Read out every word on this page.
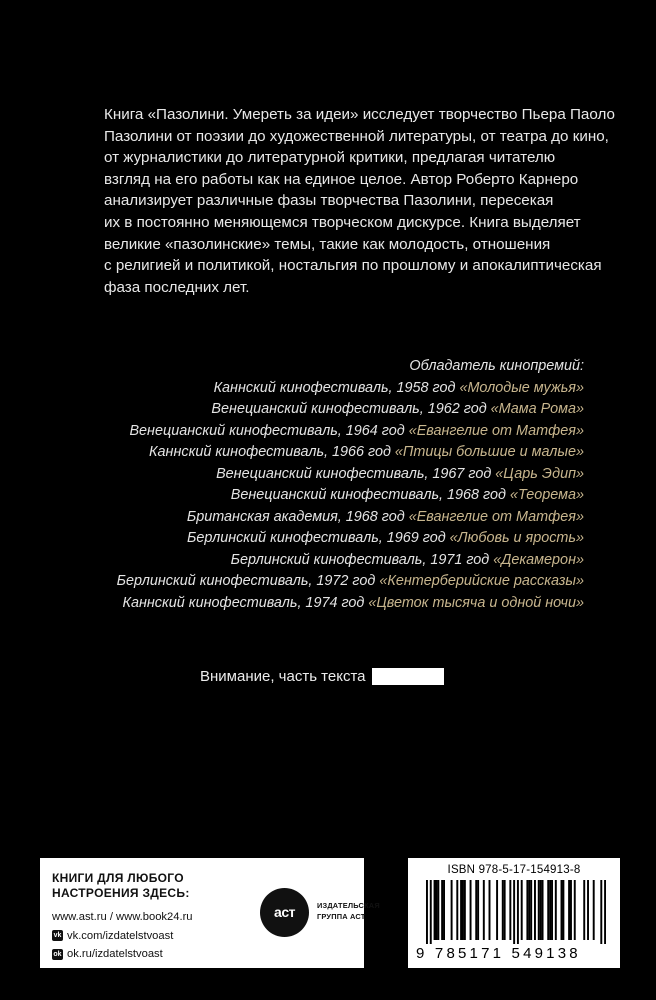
Книга «Пазолини. Умереть за идеи» исследует творчество Пьера Паоло
Пазолини от поэзии до художественной литературы, от театра до кино,
от журналистики до литературной критики, предлагая читателю
взгляд на его работы как на единое целое. Автор Роберто Карнеро
анализирует различные фазы творчества Пазолини, пересекая
их в постоянно меняющемся творческом дискурсе. Книга выделяет
великие «пазолинские» темы, такие как молодость, отношения
с религией и политикой, ностальгия по прошлому и апокалиптическая
фаза последних лет.
Обладатель кинопремий:
Каннский кинофестиваль, 1958 год «Молодые мужья»
Венецианский кинофестиваль, 1962 год «Мама Рома»
Венецианский кинофестиваль, 1964 год «Евангелие от Матфея»
Каннский кинофестиваль, 1966 год «Птицы большие и малые»
Венецианский кинофестиваль, 1967 год «Царь Эдип»
Венецианский кинофестиваль, 1968 год «Теорема»
Британская академия, 1968 год «Евангелие от Матфея»
Берлинский кинофестиваль, 1969 год «Любовь и ярость»
Берлинский кинофестиваль, 1971 год «Декамерон»
Берлинский кинофестиваль, 1972 год «Кентерберийские рассказы»
Каннский кинофестиваль, 1974 год «Цветок тысяча и одной ночи»
Внимание, часть текста
КНИГИ ДЛЯ ЛЮБОГО
НАСТРОЕНИЯ ЗДЕСЬ:
www.ast.ru / www.book24.ru
vk vk.com/izdatelstvoast
ok ok.ru/izdatelstvoast
аст	ИЗДАТЕЛЬСКАЯ
ГРУППА АСТ
ISBN 978-5-17-154913-8
9 785171 549138
